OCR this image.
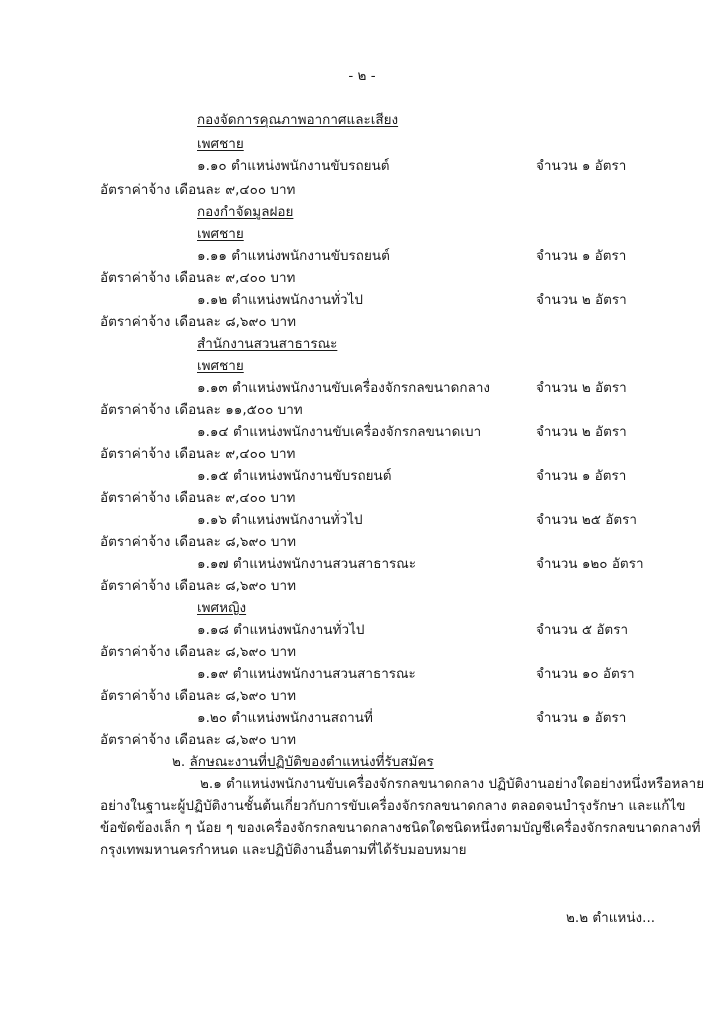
- ๒ -
กองจัดการคุณภาพอากาศและเสียง
เพศชาย
๑.๑๐ ตำแหน่งพนักงานขับรถยนต์	จำนวน ๑ อัตรา
อัตราค่าจ้าง เดือนละ ๙,๔๐๐ บาท
กองกำจัดมูลฝอย
เพศชาย
๑.๑๑ ตำแหน่งพนักงานขับรถยนต์	จำนวน ๑ อัตรา
อัตราค่าจ้าง เดือนละ ๙,๔๐๐ บาท
๑.๑๒ ตำแหน่งพนักงานทั่วไป	จำนวน ๒ อัตรา
อัตราค่าจ้าง เดือนละ ๘,๖๙๐ บาท
สำนักงานสวนสาธารณะ
เพศชาย
๑.๑๓ ตำแหน่งพนักงานขับเครื่องจักรกลขนาดกลาง	จำนวน ๒ อัตรา
อัตราค่าจ้าง เดือนละ ๑๑,๕๐๐ บาท
๑.๑๔ ตำแหน่งพนักงานขับเครื่องจักรกลขนาดเบา	จำนวน ๒ อัตรา
อัตราค่าจ้าง เดือนละ ๙,๔๐๐ บาท
๑.๑๕ ตำแหน่งพนักงานขับรถยนต์	จำนวน ๑ อัตรา
อัตราค่าจ้าง เดือนละ ๙,๔๐๐ บาท
๑.๑๖ ตำแหน่งพนักงานทั่วไป	จำนวน ๒๕ อัตรา
อัตราค่าจ้าง เดือนละ ๘,๖๙๐ บาท
๑.๑๗ ตำแหน่งพนักงานสวนสาธารณะ	จำนวน ๑๒๐ อัตรา
อัตราค่าจ้าง เดือนละ ๘,๖๙๐ บาท
เพศหญิง
๑.๑๘ ตำแหน่งพนักงานทั่วไป	จำนวน ๕ อัตรา
อัตราค่าจ้าง เดือนละ ๘,๖๙๐ บาท
๑.๑๙ ตำแหน่งพนักงานสวนสาธารณะ	จำนวน ๑๐ อัตรา
อัตราค่าจ้าง เดือนละ ๘,๖๙๐ บาท
๑.๒๐ ตำแหน่งพนักงานสถานที่	จำนวน ๑ อัตรา
อัตราค่าจ้าง เดือนละ ๘,๖๙๐ บาท
๒. ลักษณะงานที่ปฏิบัติของตำแหน่งที่รับสมัคร
๒.๑ ตำแหน่งพนักงานขับเครื่องจักรกลขนาดกลาง ปฏิบัติงานอย่างใดอย่างหนึ่งหรือหลาย
อย่างในฐานะผู้ปฏิบัติงานชั้นต้นเกี่ยวกับการขับเครื่องจักรกลขนาดกลาง ตลอดจนบำรุงรักษา และแก้ไข
ข้อขัดข้องเล็ก ๆ น้อย ๆ ของเครื่องจักรกลขนาดกลางชนิดใดชนิดหนึ่งตามบัญชีเครื่องจักรกลขนาดกลางที่
กรุงเทพมหานครกำหนด และปฏิบัติงานอื่นตามที่ได้รับมอบหมาย
๒.๒ ตำแหน่ง...
